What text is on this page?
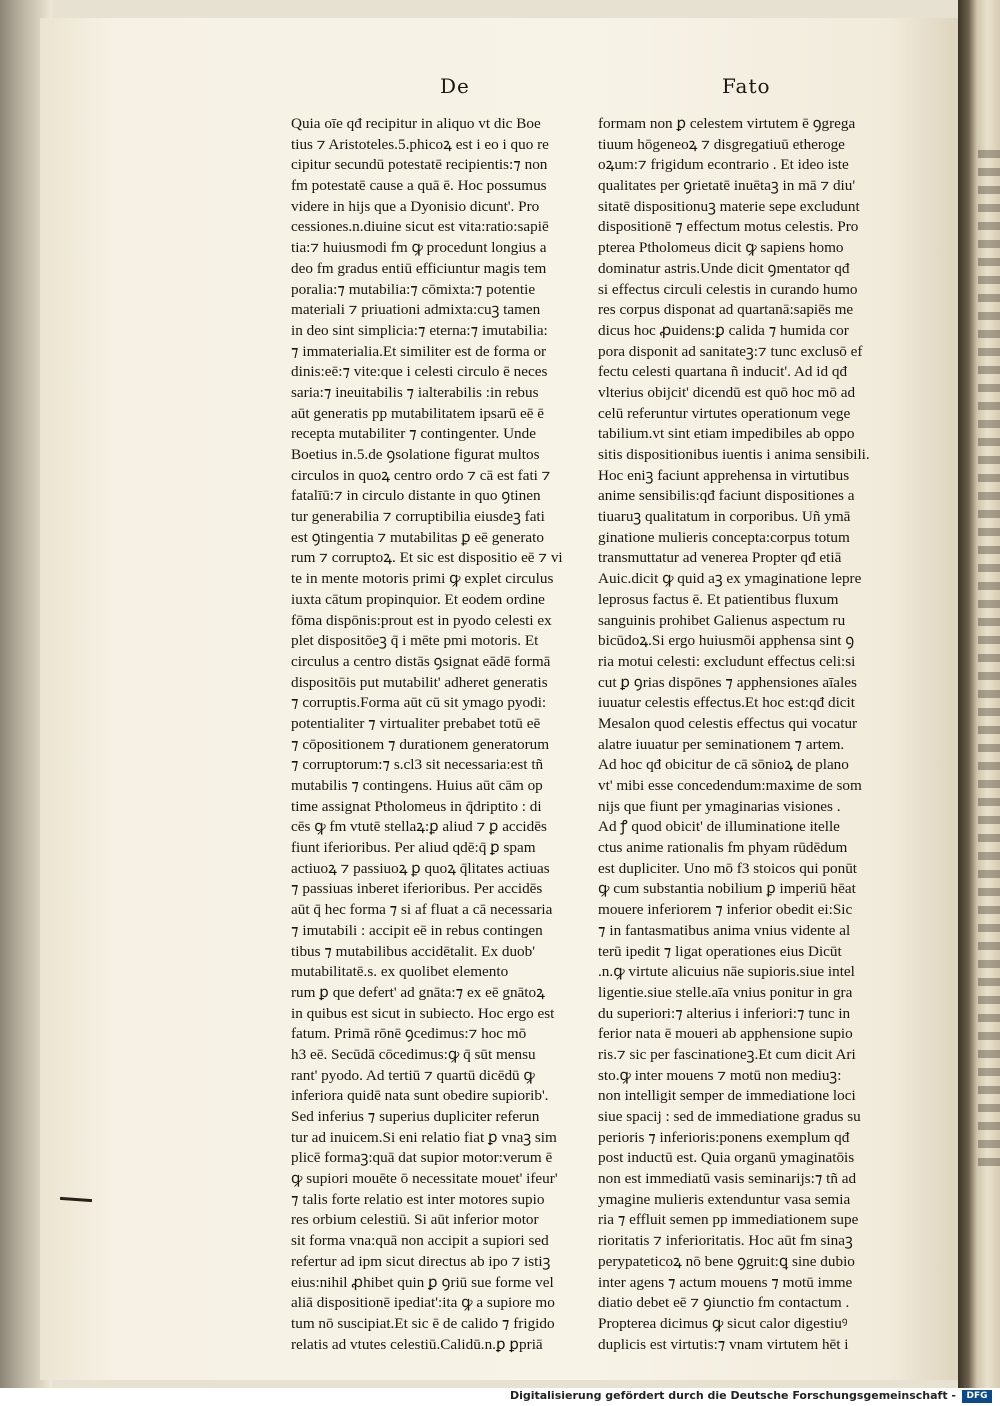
De	Fato
Quia oīe qđ recipitur in aliquo vt dic Boe
tius ⁊ Aristoteles.5.phicoꝝ est i eo i quo re
cipitur secundū potestatē recipientis:⁊ non
fm potestatē cause a quā ē. Hoc possumus
videre in hijs que a Dyonisio dicunt'. Pro
cessiones.n.diuine sicut est vita:ratio:sapiē
tia:⁊ huiusmodi fm ꝙ procedunt longius a
deo fm gradus entiū efficiuntur magis tem
poralia:⁊ mutabilia:⁊ cōmixta:⁊ potentie
materiali ⁊ priuationi admixta:cuꝫ tamen
in deo sint simplicia:⁊ eterna:⁊ imutabilia:
⁊ immaterialia.Et similiter est de forma or
dinis:eē:⁊ vite:que i celesti circulo ē neces
saria:⁊ ineuitabilis ⁊ ialterabilis :in rebus
aūt generatis pp mutabilitatem ipsarū eē ē
recepta mutabiliter ⁊ contingenter. Unde
Boetius in.5.de ꝯsolatione figurat multos
circulos in quoꝝ centro ordo ⁊ cā est fati ⁊
fatalīū:⁊ in circulo distante in quo ꝯtinen
tur generabilia ⁊ corruptibilia eiusdeꝫ fati
est ꝯtingentia ⁊ mutabilitas ꝑ eē generato
rum ⁊ corruptoꝝ. Et sic est dispositio eē ⁊ vi
te in mente motoris primi ꝙ explet circulus
iuxta cātum propinquior. Et eodem ordine
fōma dispōnis:prout est in pyodo celesti ex
plet dispositōeꝫ q̄ i mēte pmi motoris. Et
circulus a centro distās ꝯsignat eādē formā
dispositōis put mutabilit' adheret generatis
⁊ corruptis.Forma aūt cū sit ymago pyodi:
potentialiter ⁊ virtualiter prebabet totū eē
⁊ cōpositionem ⁊ durationem generatorum
⁊ corruptorum:⁊ s.cl3 sit necessaria:est tñ
mutabilis ⁊ contingens. Huius aūt cām op
time assignat Ptholomeus in q̄driptito : di
cēs ꝙ fm vtutē stellaꝝ:ꝑ aliud ⁊ ꝑ accidēs
fiunt iferioribus. Per aliud qdē:q̄ ꝑ spam
actiuoꝝ ⁊ passiuoꝝ ꝑ quoꝝ q̄litates actiuas
⁊ passiuas inberet iferioribus. Per accidēs
aūt q̄ hec forma ⁊ si af fluat a cā necessaria
⁊ imutabili : accipit eē in rebus contingen
tibus ⁊ mutabilibus accidētalit. Ex duob'
mutabilitatē.s. ex quolibet elemento
rum ꝑ que defert' ad gnāta:⁊ ex eē gnātoꝝ
in quibus est sicut in subiecto. Hoc ergo est
fatum. Primā rōnē ꝯcedimus:⁊ hoc mō
h3 eē. Secūdā cōcedimus:ꝙ q̄ sūt mensu
rant' pyodo. Ad tertiū ⁊ quartū dicēdū ꝙ
inferiora quidē nata sunt obedire supiorib'.
Sed inferius ⁊ superius dupliciter referun
tur ad inuicem.Si eni relatio fiat ꝑ vnaꝫ sim
plicē formaꝫ:quā dat supior motor:verum ē
ꝙ supiori mouēte ō necessitate mouet' ifeur'
⁊ talis forte relatio est inter motores supio
res orbium celestiū. Si aūt inferior motor
sit forma vna:quā non accipit a supiori sed
refertur ad ipm sicut directus ab ipo ⁊ istiꝫ
eius:nihil ꝓhibet quin ꝑ ꝯriū sue forme vel
aliā dispositionē ipediat':ita ꝙ a supiore mo
tum nō suscipiat.Et sic ē de calido ⁊ frigido
relatis ad vtutes celestiū.Calidū.n.ꝑ ꝑpriā
formam non ꝑ celestem virtutem ē ꝯgrega
tiuum hōgeneoꝝ ⁊ disgregatiuū etheroge
oꝝum:⁊ frigidum econtrario . Et ideo iste
qualitates per ꝯrietatē inuētaꝫ in mā ⁊ diu'
sitatē dispositionuꝫ materie sepe excludunt
dispositionē ⁊ effectum motus celestis. Pro
pterea Ptholomeus dicit ꝙ sapiens homo
dominatur astris.Unde dicit ꝯmentator qđ
si effectus circuli celestis in curando humo
res corpus disponat ad quartanā:sapiēs me
dicus hoc ꝓuidens:ꝑ calida ⁊ humida cor
pora disponit ad sanitateꝫ:⁊ tunc exclusō ef
fectu celesti quartana ñ inducit'. Ad id qđ
vlterius obijcit' dicendū est quō hoc mō ad
celū referuntur virtutes operationum vege
tabilium.vt sint etiam impedibiles ab oppo
sitis dispositionibus iuentis i anima sensibili.
Hoc eniꝫ faciunt apprehensa in virtutibus
anime sensibilis:qđ faciunt dispositiones a
tiuaruꝫ qualitatum in corporibus. Uñ ymā
ginatione mulieris concepta:corpus totum
transmuttatur ad venerea Propter qđ etiā
Auic.dicit ꝙ quid aꝫ ex ymaginatione lepre
leprosus factus ē. Et patientibus fluxum
sanguinis prohibet Galienus aspectum ru
bicūdoꝝ.Si ergo huiusmōi apphensa sint ꝯ
ria motui celesti: excludunt effectus celi:si
cut ꝑ ꝯrias dispōnes ⁊ apphensiones aīales
iuuatur celestis effectus.Et hoc est:qđ dicit
Mesalon quod celestis effectus qui vocatur
alatre iuuatur per seminationem ⁊ artem.
Ad hoc qđ obicitur de cā sōnioꝝ de plano
vt' mibi esse concedendum:maxime de som
nijs que fiunt per ymaginarias visiones .
Ad ꝭ quod obicit' de illuminatione itelle
ctus anime rationalis fm phyam rūdēdum
est dupliciter. Uno mō f3 stoicos qui ponūt
ꝙ cum substantia nobilium ꝑ imperiū hēat
mouere inferiorem ⁊ inferior obedit ei:Sic
⁊ in fantasmatibus anima vnius vidente al
terū ipedit ⁊ ligat operationes eius Dicūt
.n.ꝙ virtute alicuius nāe supioris.siue intel
ligentie.siue stelle.aīa vnius ponitur in gra
du superiori:⁊ alterius i inferiori:⁊ tunc in
ferior nata ē moueri ab apphensione supio
ris.⁊ sic per fascinationeꝫ.Et cum dicit Ari
sto.ꝙ inter mouens ⁊ motū non mediuꝫ:
non intelligit semper de immediatione loci
siue spacij : sed de immediatione gradus su
perioris ⁊ inferioris:ponens exemplum qđ
post inductū est. Quia organū ymaginatōis
non est immediatū vasis seminarijs:⁊ tñ ad
ymagine mulieris extenduntur vasa semia
ria ⁊ effluit semen pp immediationem supe
rioritatis ⁊ inferioritatis. Hoc aūt fm sinaꝫ
perypateticoꝝ nō bene ꝯgruit:ꝗ sine dubio
inter agens ⁊ actum mouens ⁊ motū imme
diatio debet eē ⁊ ꝯiunctio fm contactum .
Propterea dicimus ꝙ sicut calor digestiuꝰ
duplicis est virtutis:⁊ vnam virtutem hēt i
Digitalisierung gefördert durch die Deutsche Forschungsgemeinschaft -	DFG
